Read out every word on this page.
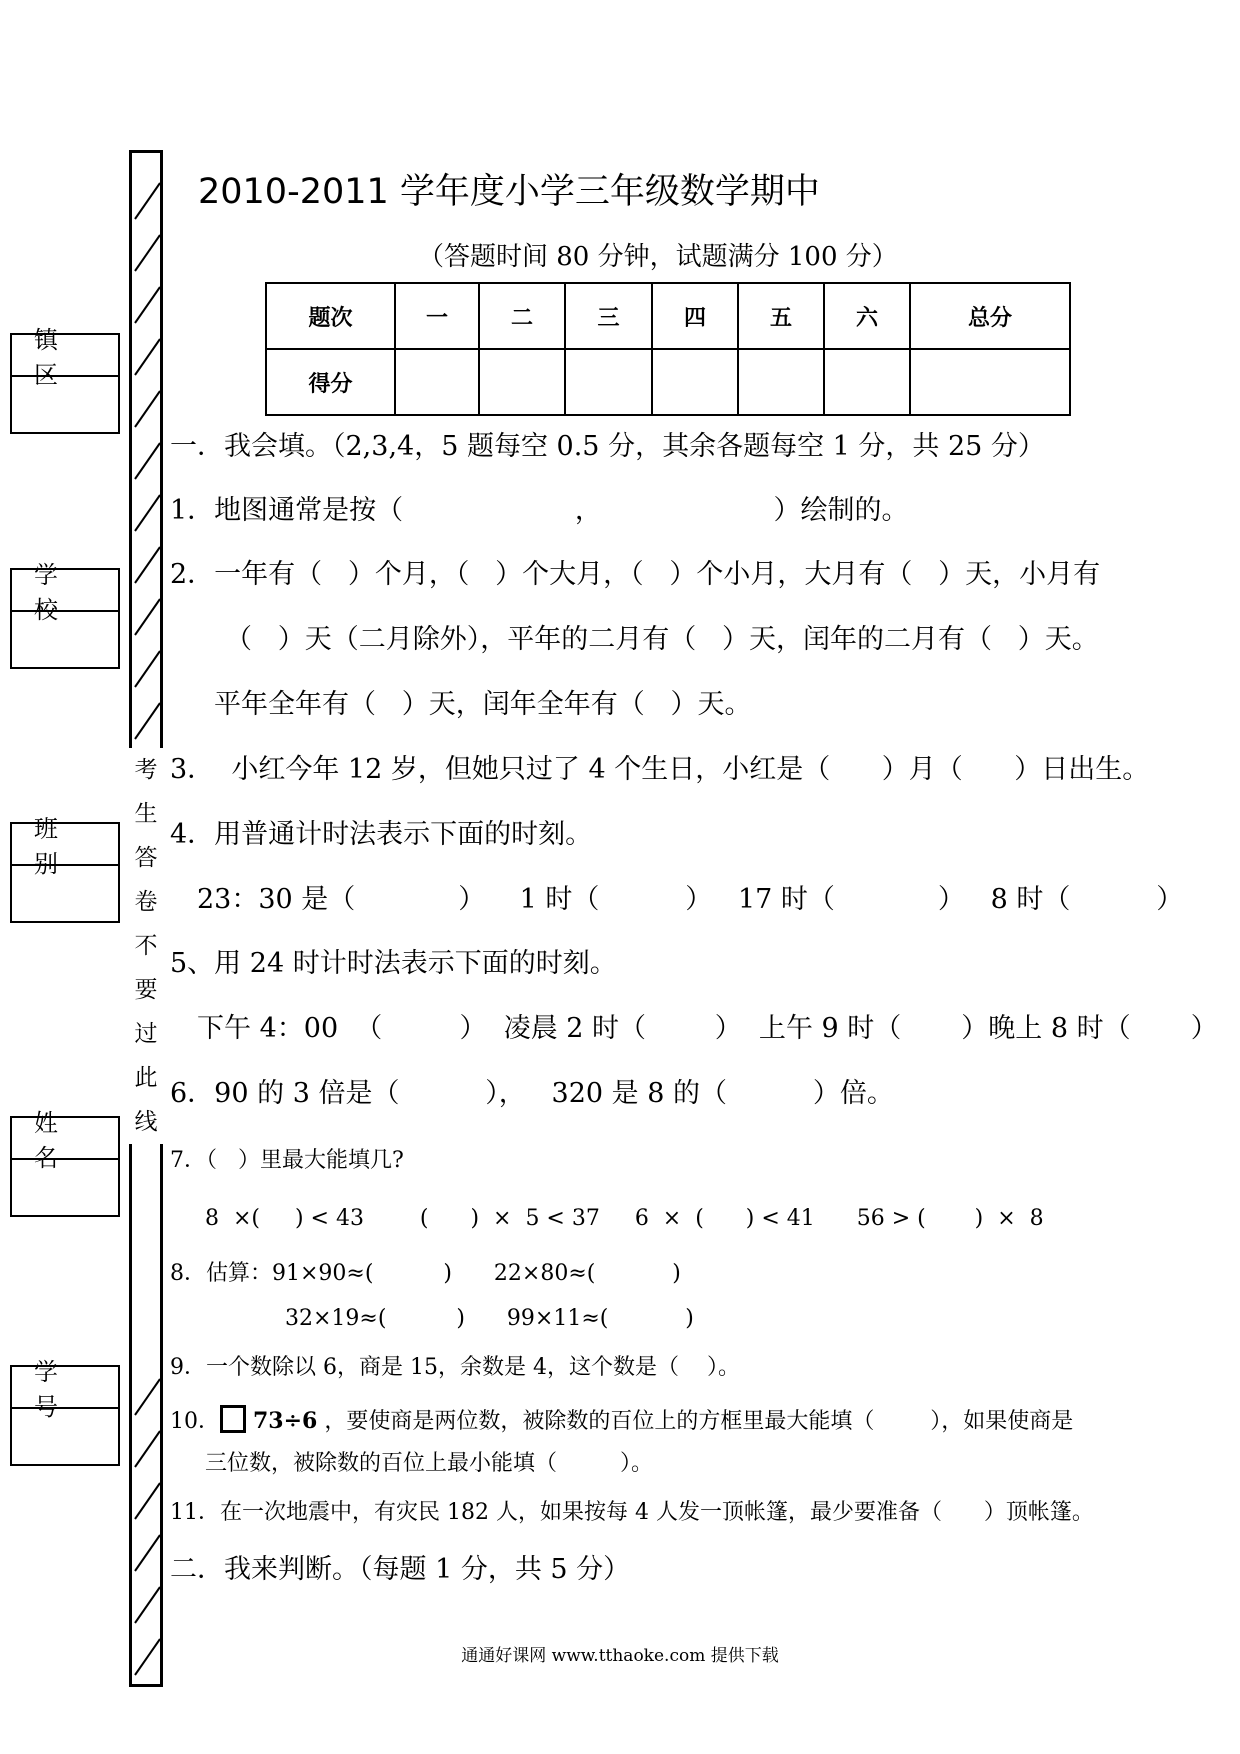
镇区
学校
班别
姓名
学号
考
生
答
卷
不
要
过
此
线
2010-2011 学年度小学三年级数学期中
（答题时间 80 分钟，试题满分 100 分）
题次	一	二	三	四	五	六	总分
得分							
一．我会填。（2,3,4，5 题每空 0.5 分，其余各题每空 1 分，共 25 分）
1．地图通常是按（                    ，                    ）绘制的。
2．一年有（   ）个月，（   ）个大月，（   ）个小月，大月有（   ）天，小月有
（   ）天（二月除外），平年的二月有（   ）天，闰年的二月有（   ）天。
平年全年有（   ）天，闰年全年有（   ）天。
3．  小红今年 12 岁，但她只过了 4 个生日，小红是（      ）月（      ）日出生。
4．用普通计时法表示下面的时刻。
23：30 是（            ）    1 时（          ）   17 时（            ）   8 时（          ）
5、用 24 时计时法表示下面的时刻。
下午 4：00  （         ）  凌晨 2 时（        ）  上午 9 时（       ）晚上 8 时（       ）
6．90 的 3 倍是（          ），   320 是 8 的（          ）倍。
7．（   ）里最大能填几?
8  ×(     ) < 43        (      )  ×  5 < 37     6  ×  (      ) < 41      56 > (       )  ×  8
8．估算：91×90≈(          )      22×80≈(           )
32×19≈(          )      99×11≈(           )
9．一个数除以 6，商是 15，余数是 4，这个数是（    ）。
10． 73÷6 ，要使商是两位数，被除数的百位上的方框里最大能填（        ），如果使商是
三位数，被除数的百位上最小能填（         ）。
11．在一次地震中，有灾民 182 人，如果按每 4 人发一顶帐篷，最少要准备（      ）顶帐篷。
二．我来判断。（每题 1 分，共 5 分）
通通好课网 www.tthaoke.com 提供下载
